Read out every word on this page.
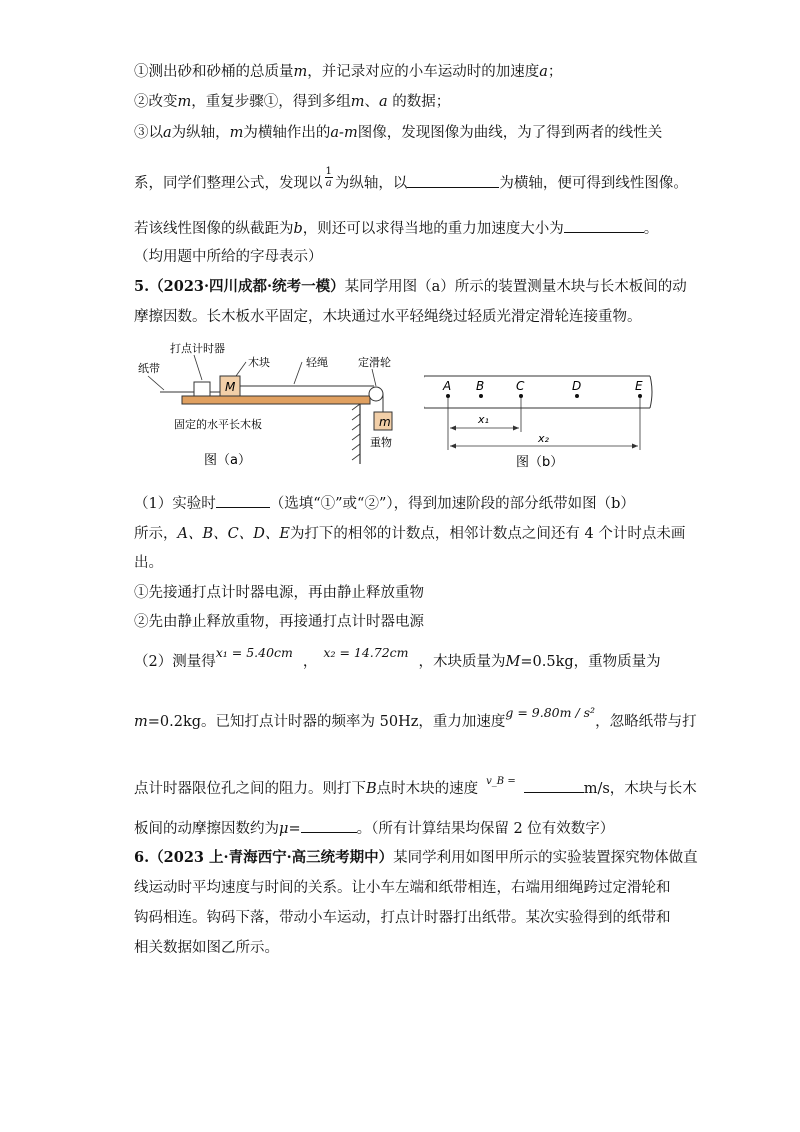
①测出砂和砂桶的总质量m，并记录对应的小车运动时的加速度a；
②改变m，重复步骤①，得到多组m、a 的数据；
③以a为纵轴，m为横轴作出的a-m图像，发现图像为曲线，为了得到两者的线性关
系，同学们整理公式，发现以 $\frac{1}{a}$ 为纵轴，以	为横轴，便可得到线性图像。
若该线性图像的纵截距为b，则还可以求得当地的重力加速度大小为	。
（均用题中所给的字母表示）
5.（2023·四川成都·统考一模）某同学用图（a）所示的装置测量木块与长木板间的动
摩擦因数。长木板水平固定，木块通过水平轻绳绕过轻质光滑定滑轮连接重物。
打点计时器
木块	轻绳	定滑轮
纸带
M
m
重物
固定的水平长木板
图（a）
A B	C	D	E
x₁
x₂
图（b）
（1）实验时	（选填“①”或“②”），得到加速阶段的部分纸带如图（b）
所示，A、B、C、D、E为打下的相邻的计数点，相邻计数点之间还有 4 个计时点未画
出。
①先接通打点计时器电源，再由静止释放重物
②先由静止释放重物，再接通打点计时器电源
（2）测量得x₁ = 5.40cm，x₂ = 14.72cm，木块质量为M=0.5kg，重物质量为
m=0.2kg。已知打点计时器的频率为 50Hz，重力加速度g = 9.80m / s²，忽略纸带与打
点计时器限位孔之间的阻力。则打下B点时木块的速度 $^{v\_B =}$	m/s，木块与长木
板间的动摩擦因数约为μ=	。（所有计算结果均保留 2 位有效数字）
6.（2023 上·青海西宁·高三统考期中）某同学利用如图甲所示的实验装置探究物体做直
线运动时平均速度与时间的关系。让小车左端和纸带相连，右端用细绳跨过定滑轮和
钩码相连。钩码下落，带动小车运动，打点计时器打出纸带。某次实验得到的纸带和
相关数据如图乙所示。
